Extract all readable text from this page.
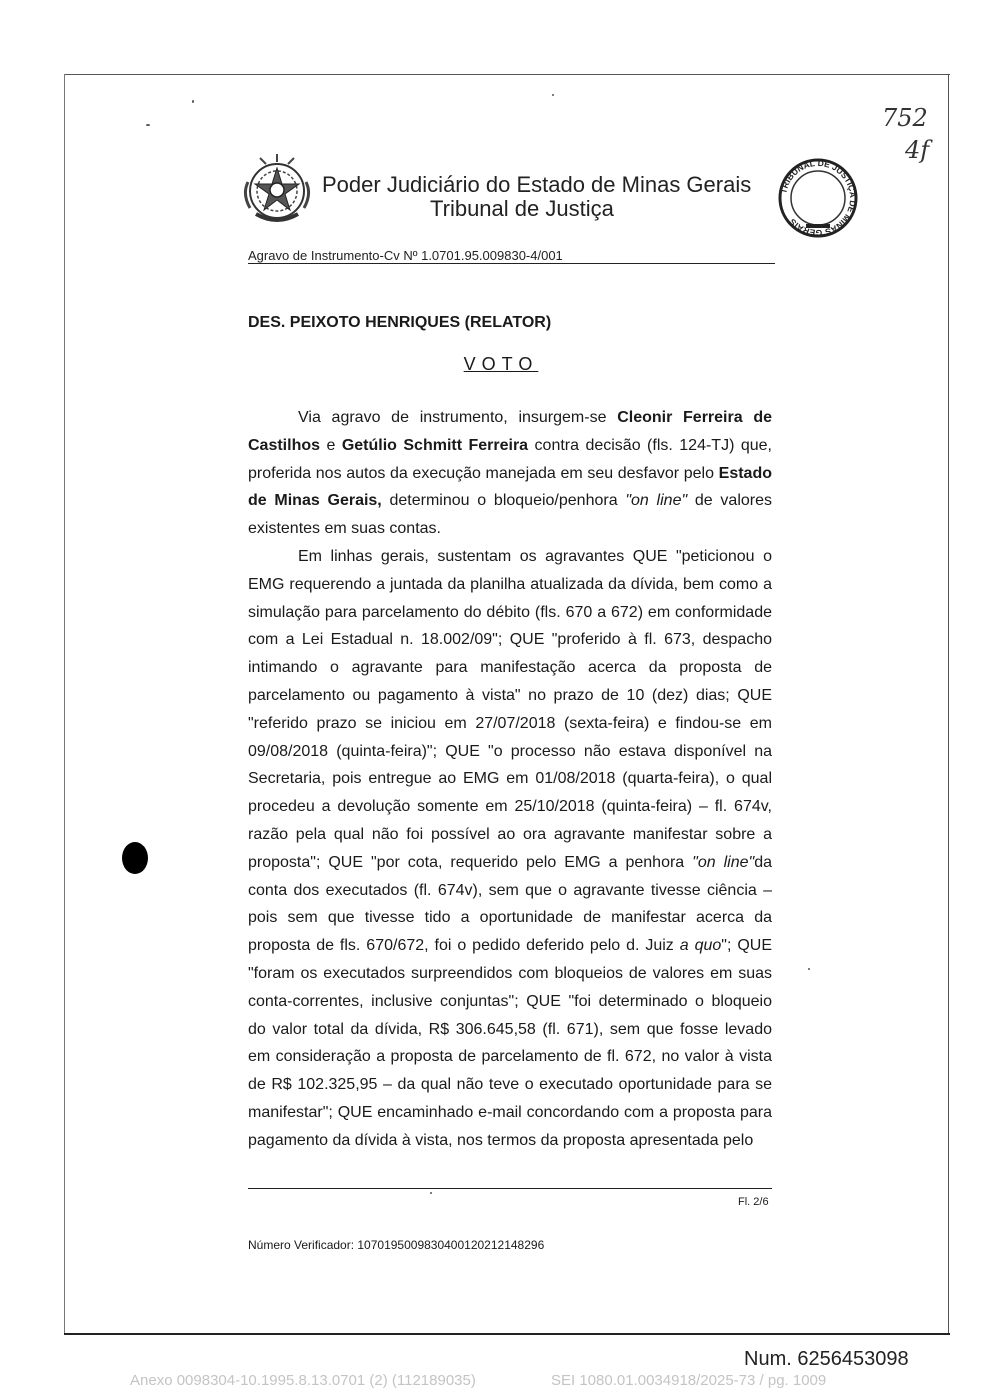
752
4f
Poder Judiciário do Estado de Minas Gerais
Tribunal de Justiça
TRIBUNAL DE JUSTIÇA DE MINAS GERAIS
Agravo de Instrumento-Cv Nº 1.0701.95.009830-4/001
DES. PEIXOTO HENRIQUES (RELATOR)
VOTO

Via agravo de instrumento, insurgem-se Cleonir Ferreira de Castilhos e Getúlio Schmitt Ferreira contra decisão (fls. 124-TJ) que, proferida nos autos da execução manejada em seu desfavor pelo Estado de Minas Gerais, determinou o bloqueio/penhora "on line" de valores existentes em suas contas.

Em linhas gerais, sustentam os agravantes QUE "peticionou o EMG requerendo a juntada da planilha atualizada da dívida, bem como a simulação para parcelamento do débito (fls. 670 a 672) em conformidade com a Lei Estadual n. 18.002/09"; QUE "proferido à fl. 673, despacho intimando o agravante para manifestação acerca da proposta de parcelamento ou pagamento à vista" no prazo de 10 (dez) dias; QUE "referido prazo se iniciou em 27/07/2018 (sexta-feira) e findou-se em 09/08/2018 (quinta-feira)"; QUE "o processo não estava disponível na Secretaria, pois entregue ao EMG em 01/08/2018 (quarta-feira), o qual procedeu a devolução somente em 25/10/2018 (quinta-feira) – fl. 674v, razão pela qual não foi possível ao ora agravante manifestar sobre a proposta"; QUE "por cota, requerido pelo EMG a penhora "on line"da conta dos executados (fl. 674v), sem que o agravante tivesse ciência – pois sem que tivesse tido a oportunidade de manifestar acerca da proposta de fls. 670/672, foi o pedido deferido pelo d. Juiz a quo"; QUE "foram os executados surpreendidos com bloqueios de valores em suas conta-correntes, inclusive conjuntas"; QUE "foi determinado o bloqueio do valor total da dívida, R$ 306.645,58 (fl. 671), sem que fosse levado em consideração a proposta de parcelamento de fl. 672, no valor à vista de R$ 102.325,95 – da qual não teve o executado oportunidade para se manifestar"; QUE encaminhado e-mail concordando com a proposta para pagamento da dívida à vista, nos termos da proposta apresentada pelo

Fl. 2/6
Número Verificador: 1070195009830400120212148296
Num. 6256453098
Anexo 0098304-10.1995.8.13.0701 (2) (112189035)	SEI 1080.01.0034918/2025-73 / pg. 1009
